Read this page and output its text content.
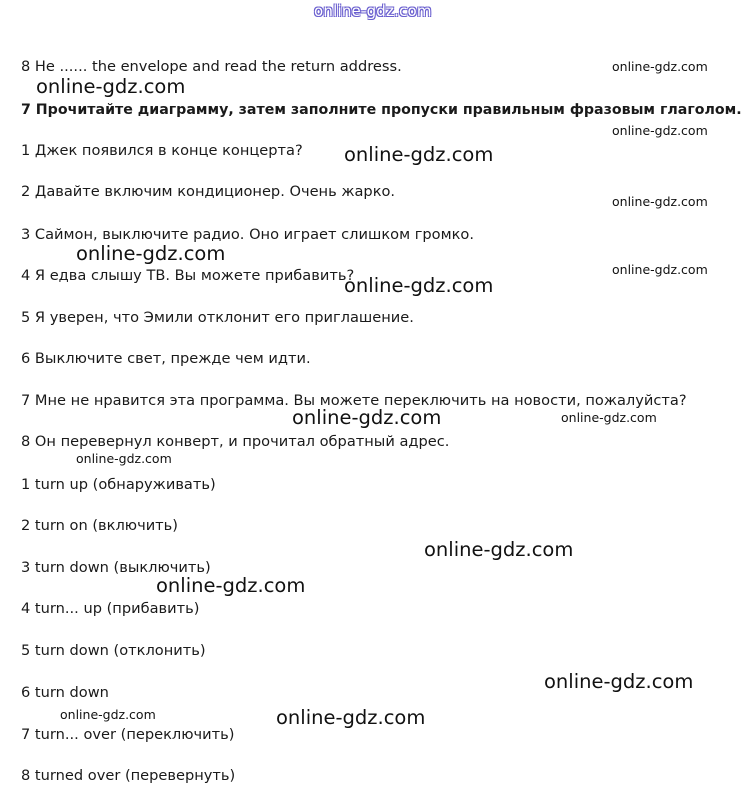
online-gdz.com
8 He ...... the envelope and read the return address.
7 Прочитайте диаграмму, затем заполните пропуски правильным фразовым глаголом.
1 Джек появился в конце концерта?
2 Давайте включим кондиционер. Очень жарко.
3 Саймон, выключите радио. Оно играет слишком громко.
4 Я едва слышу ТВ. Вы можете прибавить?
5 Я уверен, что Эмили отклонит его приглашение.
6 Выключите свет, прежде чем идти.
7 Мне не нравится эта программа. Вы можете переключить на новости, пожалуйста?
8 Он перевернул конверт, и прочитал обратный адрес.
1 turn up (обнаруживать)
2 turn on (включить)
3 turn down (выключить)
4 turn... up (прибавить)
5 turn down (отклонить)
6 turn down
7 turn... over (переключить)
8 turned over (перевернуть)
online-gdz.com
online-gdz.com
online-gdz.com
online-gdz.com
online-gdz.com
online-gdz.com
online-gdz.com
online-gdz.com
online-gdz.com	online-gdz.com
online-gdz.com
online-gdz.com
online-gdz.com
online-gdz.com
online-gdz.com	online-gdz.com
